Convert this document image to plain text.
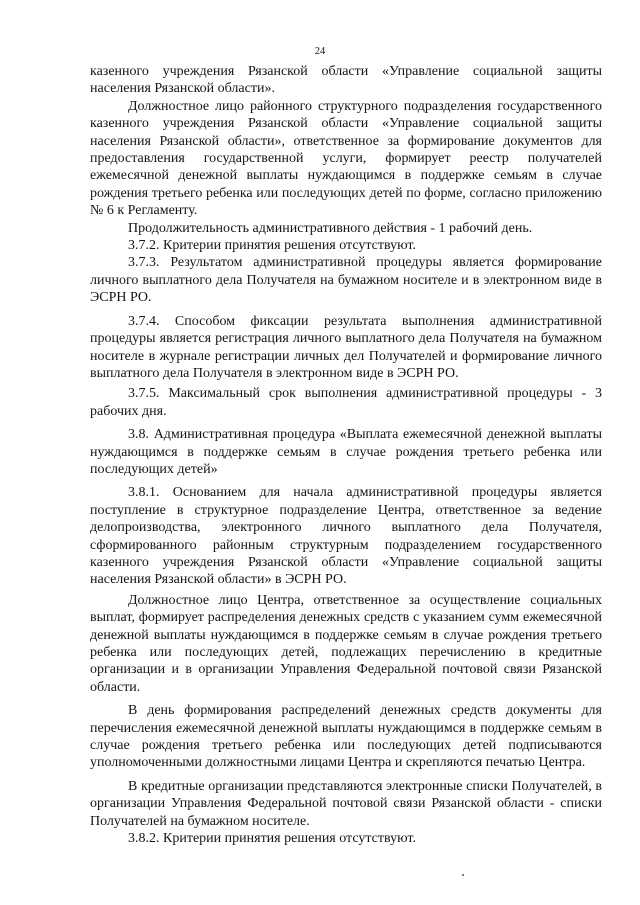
24

казенного учреждения Рязанской области «Управление социальной защиты населения Рязанской области».

Должностное лицо районного структурного подразделения государственного казенного учреждения Рязанской области «Управление социальной защиты населения Рязанской области», ответственное за формирование документов для предоставления государственной услуги, формирует реестр получателей ежемесячной денежной выплаты нуждающимся в поддержке семьям в случае рождения третьего ребенка или последующих детей по форме, согласно приложению № 6 к Регламенту.

Продолжительность административного действия - 1 рабочий день.

3.7.2. Критерии принятия решения отсутствуют.

3.7.3. Результатом административной процедуры является формирование личного выплатного дела Получателя на бумажном носителе и в электронном виде в ЭСРН РО.

3.7.4. Способом фиксации результата выполнения административной процедуры является регистрация личного выплатного дела Получателя на бумажном носителе в журнале регистрации личных дел Получателей и формирование личного выплатного дела Получателя в электронном виде в ЭСРН РО.

3.7.5. Максимальный срок выполнения административной процедуры - 3 рабочих дня.

3.8. Административная процедура «Выплата ежемесячной денежной выплаты нуждающимся в поддержке семьям в случае рождения третьего ребенка или последующих детей»

3.8.1. Основанием для начала административной процедуры является поступление в структурное подразделение Центра, ответственное за ведение делопроизводства, электронного личного выплатного дела Получателя, сформированного районным структурным подразделением государственного казенного учреждения Рязанской области «Управление социальной защиты населения Рязанской области» в ЭСРН РО.

Должностное лицо Центра, ответственное за осуществление социальных выплат, формирует распределения денежных средств с указанием сумм ежемесячной денежной выплаты нуждающимся в поддержке семьям в случае рождения третьего ребенка или последующих детей, подлежащих перечислению в кредитные организации и в организации Управления Федеральной почтовой связи Рязанской области.

В день формирования распределений денежных средств документы для перечисления ежемесячной денежной выплаты нуждающимся в поддержке семьям в случае рождения третьего ребенка или последующих детей подписываются уполномоченными должностными лицами Центра и скрепляются печатью Центра.

В кредитные организации представляются электронные списки Получателей, в организации Управления Федеральной почтовой связи Рязанской области - списки Получателей на бумажном носителе.

3.8.2. Критерии принятия решения отсутствуют.
